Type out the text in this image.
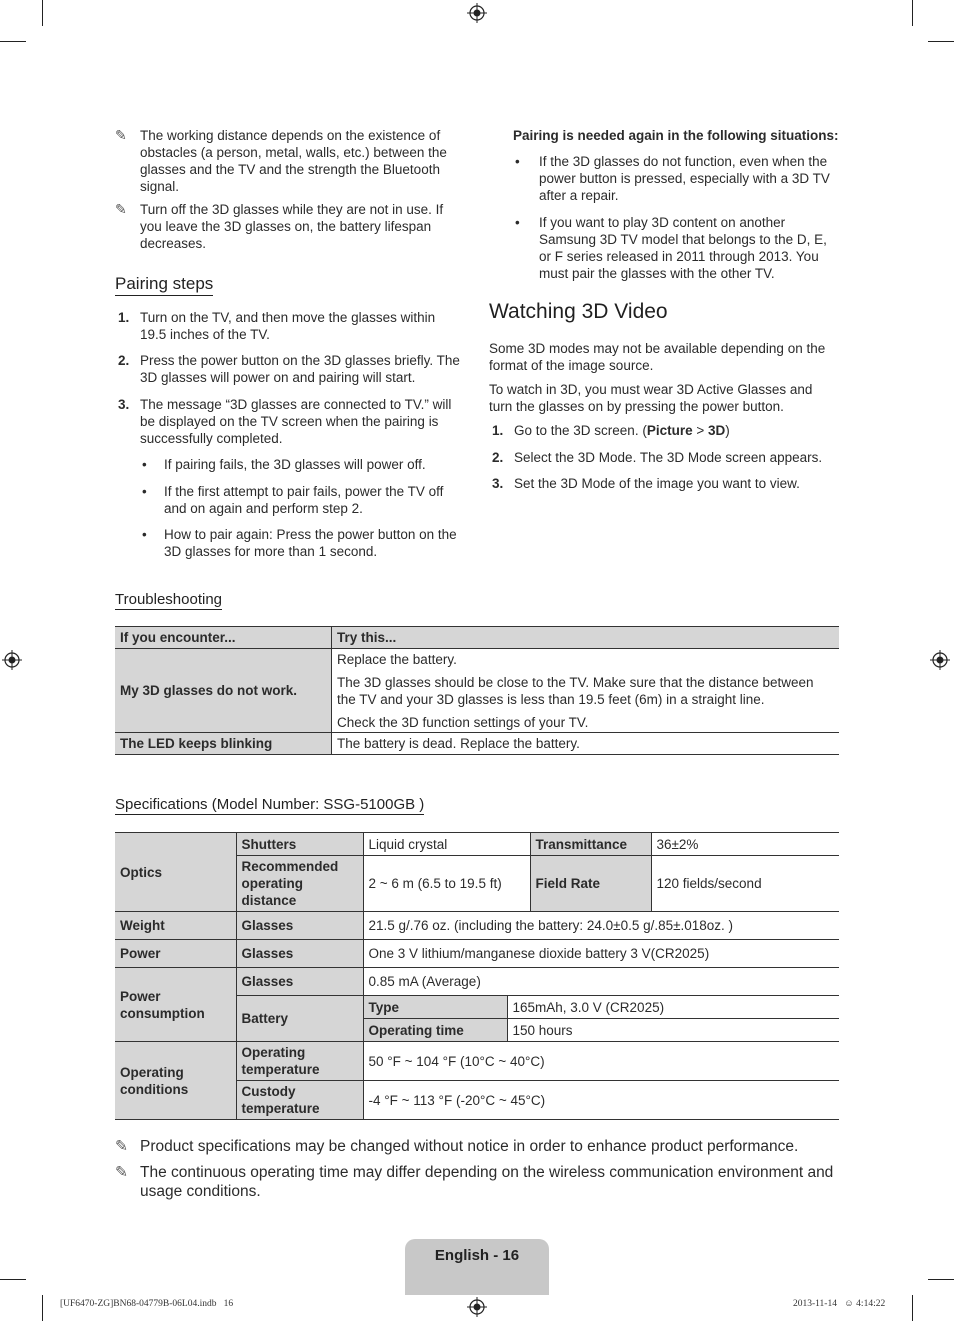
✎ The working distance depends on the existence of obstacles (a person, metal, walls, etc.) between the glasses and the TV and the strength the Bluetooth signal.
✎ Turn off the 3D glasses while they are not in use. If you leave the 3D glasses on, the battery lifespan decreases.
Pairing steps
1. Turn on the TV, and then move the glasses within 19.5 inches of the TV.
2. Press the power button on the 3D glasses briefly. The 3D glasses will power on and pairing will start.
3. The message “3D glasses are connected to TV.” will be displayed on the TV screen when the pairing is successfully completed.
• If pairing fails, the 3D glasses will power off.
• If the first attempt to pair fails, power the TV off and on again and perform step 2.
• How to pair again: Press the power button on the 3D glasses for more than 1 second.
Pairing is needed again in the following situations:
• If the 3D glasses do not function, even when the power button is pressed, especially with a 3D TV after a repair.
• If you want to play 3D content on another Samsung 3D TV model that belongs to the D, E, or F series released in 2011 through 2013. You must pair the glasses with the other TV.
Watching 3D Video
Some 3D modes may not be available depending on the format of the image source.
To watch in 3D, you must wear 3D Active Glasses and turn the glasses on by pressing the power button.
1. Go to the 3D screen. (Picture > 3D)
2. Select the 3D Mode. The 3D Mode screen appears.
3. Set the 3D Mode of the image you want to view.
Troubleshooting
If you encounter...	Try this...
My 3D glasses do not work.	Replace the battery.
The 3D glasses should be close to the TV. Make sure that the distance between the TV and your 3D glasses is less than 19.5 feet (6m) in a straight line.
Check the 3D function settings of your TV.

The LED keeps blinking	The battery is dead. Replace the battery.
Specifications (Model Number: SSG-5100GB )
Optics	Shutters	Liquid crystal		Transmittance	36±2%
	Recommended operating distance	2 ~ 6 m (6.5 to 19.5 ft)		Field Rate	120 fields/second
Weight	Glasses	21.5 g/.76 oz. (including the battery: 24.0±0.5 g/.85±.018oz. )			
Power	Glasses	One 3 V lithium/manganese dioxide battery 3 V(CR2025)			
Power consumption	Glasses	0.85 mA (Average)			
	Battery	Type	165mAh, 3.0 V (CR2025)		
		Operating time	150 hours		
Operating conditions	Operating temperature	50 °F ~ 104 °F (10°C ~ 40°C)			
	Custody temperature	-4 °F ~ 113 °F (-20°C ~ 45°C)			
✎ Product specifications may be changed without notice in order to enhance product performance.
✎ The continuous operating time may differ depending on the wireless communication environment and usage conditions.
English - 16
[UF6470-ZG]BN68-04779B-06L04.indb   16	2013-11-14   ☺ 4:14:22
